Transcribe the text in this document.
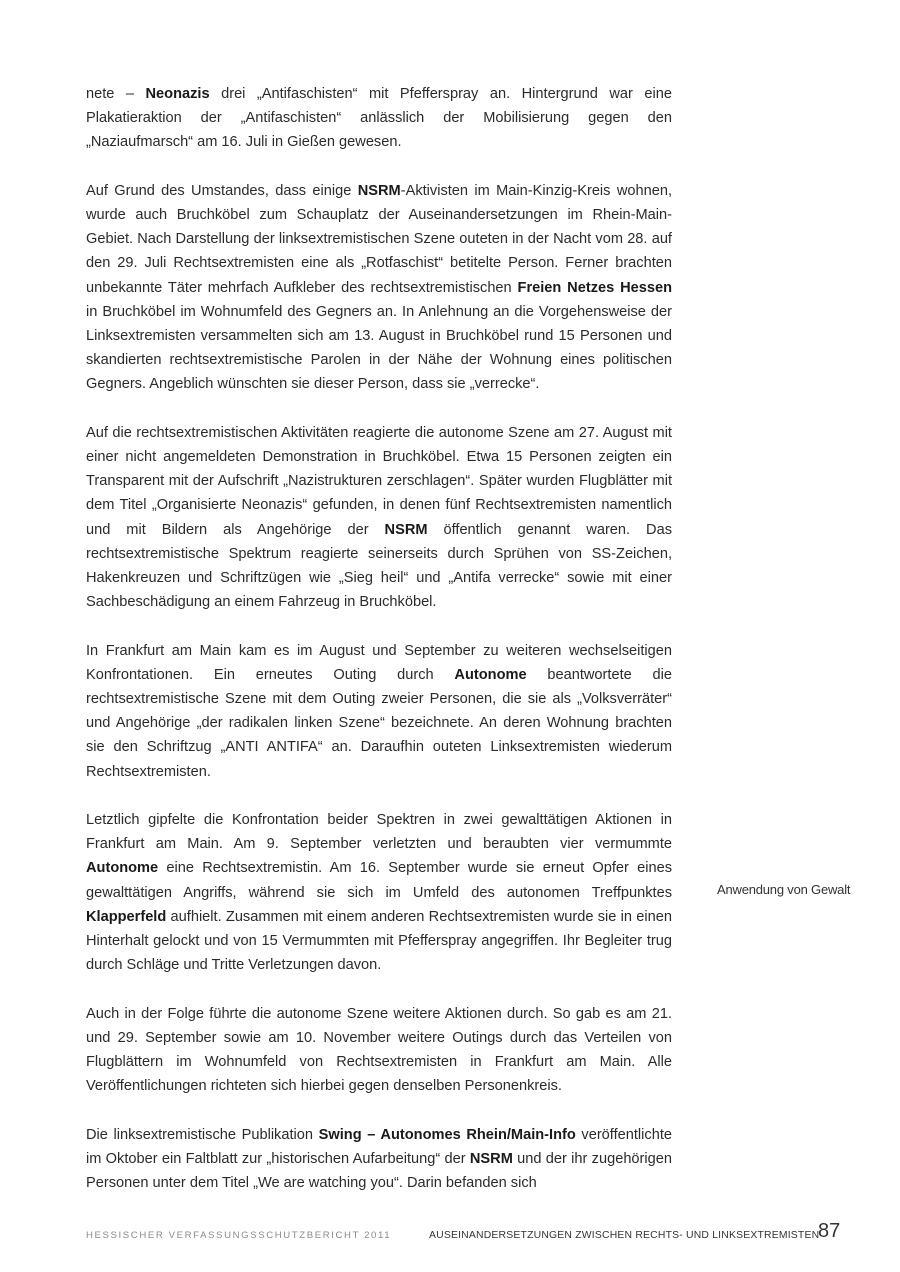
nete – Neonazis drei „Antifaschisten“ mit Pfefferspray an. Hintergrund war eine Plakatieraktion der „Antifaschisten“ anlässlich der Mobilisierung gegen den „Naziaufmarsch“ am 16. Juli in Gießen gewesen.

Auf Grund des Umstandes, dass einige NSRM-Aktivisten im Main-Kinzig-Kreis wohnen, wurde auch Bruchköbel zum Schauplatz der Auseinandersetzungen im Rhein-Main-Gebiet. Nach Darstellung der linksextremistischen Szene outeten in der Nacht vom 28. auf den 29. Juli Rechtsextremisten eine als „Rotfaschist“ betitelte Person. Ferner brachten unbekannte Täter mehrfach Aufkleber des rechtsextremistischen Freien Netzes Hessen in Bruchköbel im Wohnumfeld des Gegners an. In Anlehnung an die Vorgehensweise der Linksextremisten versammelten sich am 13. August in Bruchköbel rund 15 Personen und skandierten rechtsextremistische Parolen in der Nähe der Wohnung eines politischen Gegners. Angeblich wünschten sie dieser Person, dass sie „verrecke“.

Auf die rechtsextremistischen Aktivitäten reagierte die autonome Szene am 27. August mit einer nicht angemeldeten Demonstration in Bruchköbel. Etwa 15 Personen zeigten ein Transparent mit der Aufschrift „Nazistrukturen zerschlagen“. Später wurden Flugblätter mit dem Titel „Organisierte Neonazis“ gefunden, in denen fünf Rechtsextremisten namentlich und mit Bildern als Angehörige der NSRM öffentlich genannt waren. Das rechtsextremistische Spektrum reagierte seinerseits durch Sprühen von SS-Zeichen, Hakenkreuzen und Schriftzügen wie „Sieg heil“ und „Antifa verrecke“ sowie mit einer Sachbeschädigung an einem Fahrzeug in Bruchköbel.

In Frankfurt am Main kam es im August und September zu weiteren wechselseitigen Konfrontationen. Ein erneutes Outing durch Autonome beantwortete die rechtsextremistische Szene mit dem Outing zweier Personen, die sie als „Volksverräter“ und Angehörige „der radikalen linken Szene“ bezeichnete. An deren Wohnung brachten sie den Schriftzug „ANTI ANTIFA“ an. Daraufhin outeten Linksextremisten wiederum Rechtsextremisten.

Letztlich gipfelte die Konfrontation beider Spektren in zwei gewalttätigen Aktionen in Frankfurt am Main. Am 9. September verletzten und beraubten vier vermummte Autonome eine Rechtsextremistin. Am 16. September wurde sie erneut Opfer eines gewalttätigen Angriffs, während sie sich im Umfeld des autonomen Treffpunktes Klapperfeld aufhielt. Zusammen mit einem anderen Rechtsextremisten wurde sie in einen Hinterhalt gelockt und von 15 Vermummten mit Pfefferspray angegriffen. Ihr Begleiter trug durch Schläge und Tritte Verletzungen davon.

Auch in der Folge führte die autonome Szene weitere Aktionen durch. So gab es am 21. und 29. September sowie am 10. November weitere Outings durch das Verteilen von Flugblättern im Wohnumfeld von Rechtsextremisten in Frankfurt am Main. Alle Veröffentlichungen richteten sich hierbei gegen denselben Personenkreis.

Die linksextremistische Publikation Swing – Autonomes Rhein/Main-Info veröffentlichte im Oktober ein Faltblatt zur „historischen Aufarbeitung“ der NSRM und der ihr zugehörigen Personen unter dem Titel „We are watching you“. Darin befanden sich

Anwendung von Gewalt
HESSISCHER VERFASSUNGSSCHUTZBERICHT 2011	AUSEINANDERSETZUNGEN ZWISCHEN RECHTS- UND LINKSEXTREMISTEN
87
